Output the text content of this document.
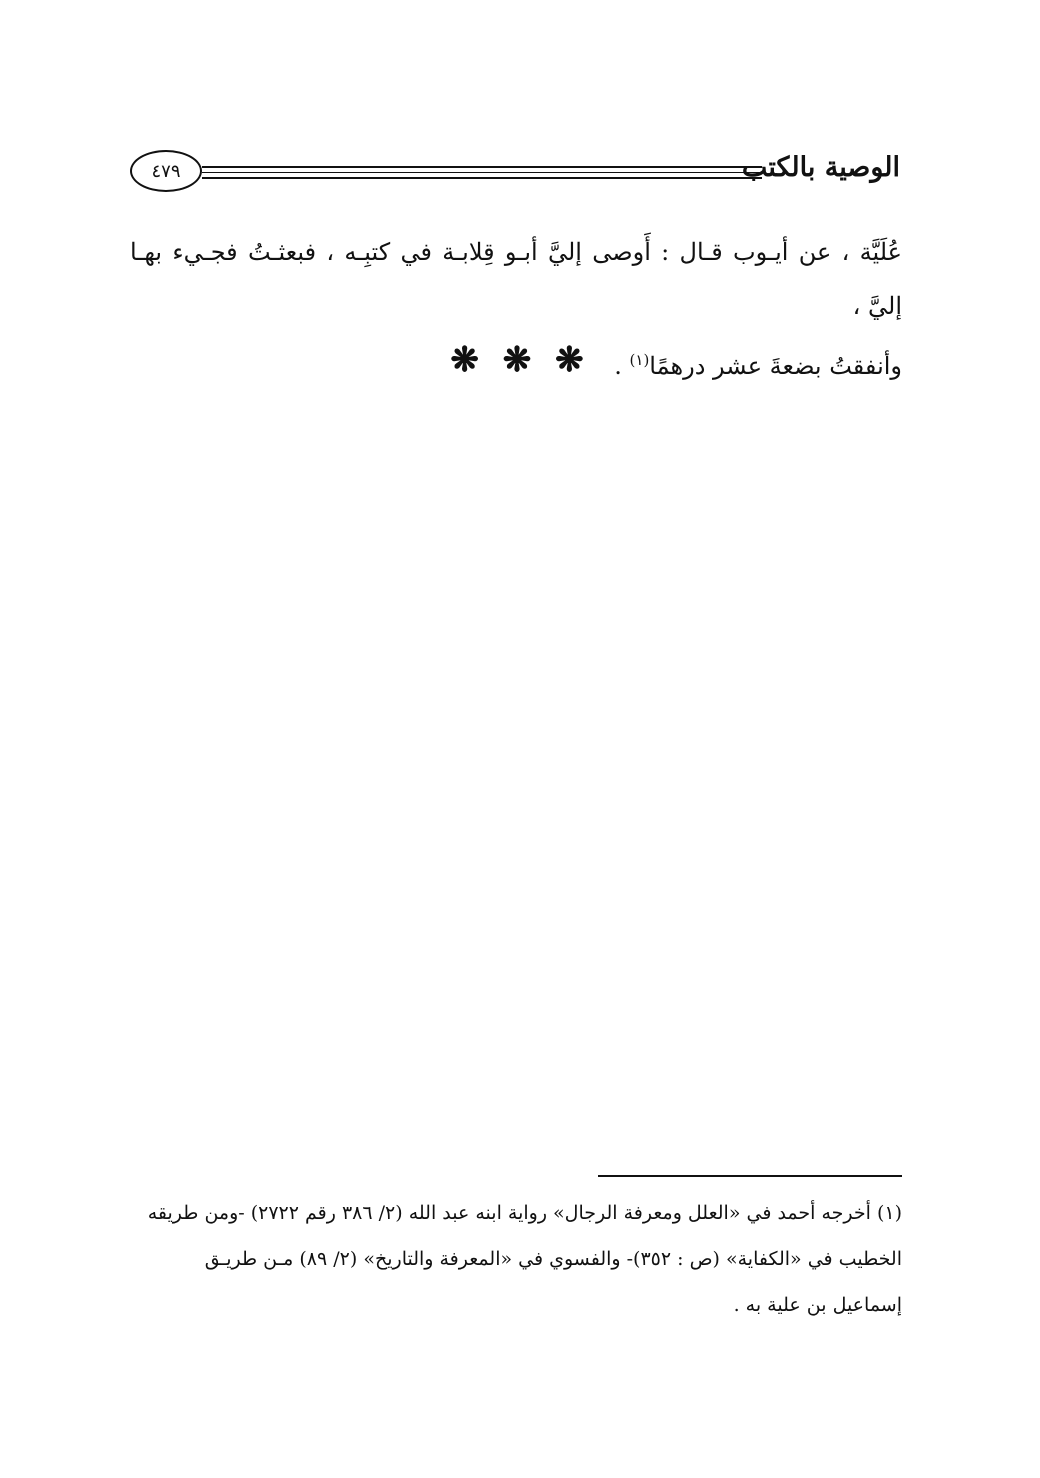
٤٧٩	الوصية بالكتب

عُلَيَّة ، عن أيـوب قـال : أَوصى إليَّ أبـو قِلابـة في كتبِـه ، فبعثـتُ فجـيء بهـا إليَّ ،

وأنفقتُ بضعةَ عشر درهمًا$^{(١)}$ .

❋ ❋ ❋

(١) أخرجه أحمد في «العلل ومعرفة الرجال» رواية ابنه عبد الله (٢/ ٣٨٦ رقم ٢٧٢٢) -ومن طريقه

الخطيب في «الكفاية» (ص : ٣٥٢)- والفسوي في «المعرفة والتاريخ» (٢/ ٨٩) مـن طريـق

إسماعيل بن علية به .
